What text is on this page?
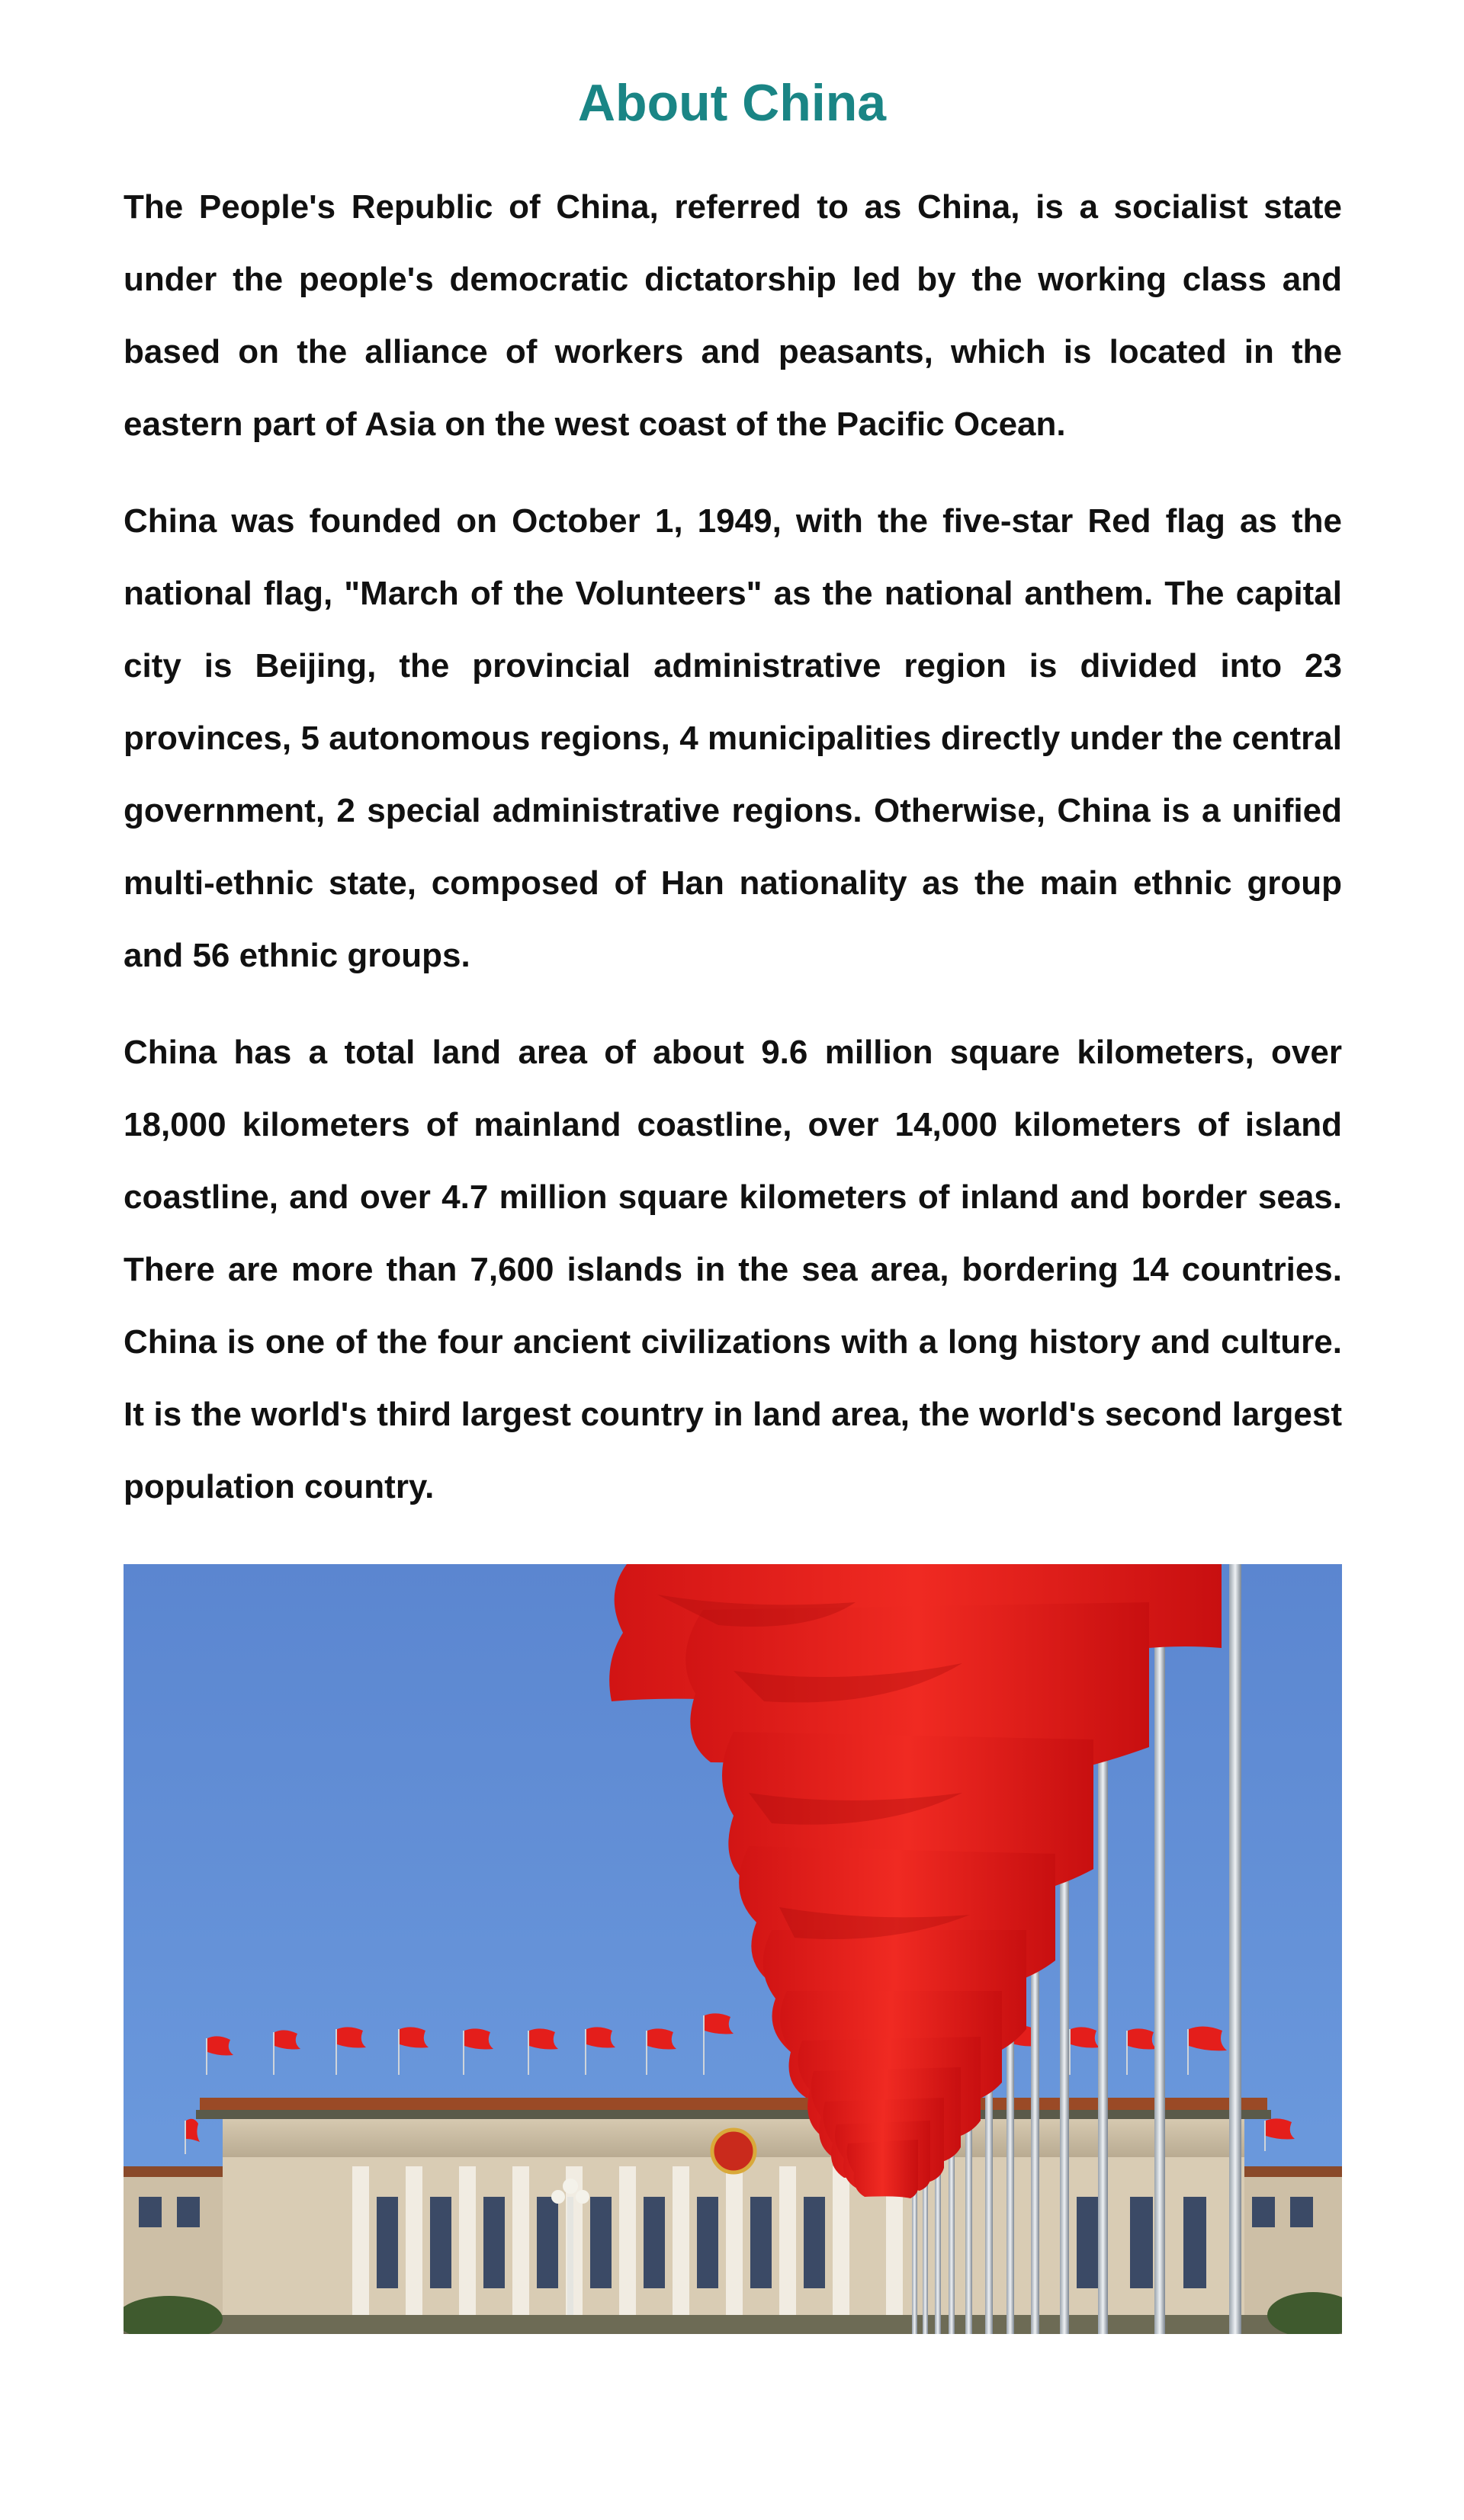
About China

The People's Republic of China, referred to as China, is a socialist state under the people's democratic dictatorship led by the working class and based on the alliance of workers and peasants, which is located in the eastern part of Asia on the west coast of the Pacific Ocean.

China was founded on October 1, 1949, with the five-star Red flag as the national flag, "March of the Volunteers" as the national anthem. The capital city is Beijing, the provincial administrative region is divided into 23 provinces, 5 autonomous regions, 4 municipalities directly under the central government, 2 special administrative regions. Otherwise, China is a unified multi-ethnic state, composed of Han nationality as the main ethnic group and 56 ethnic groups.

China has a total land area of about 9.6 million square kilometers, over 18,000 kilometers of mainland coastline, over 14,000 kilometers of island coastline, and over 4.7 million square kilometers of inland and border seas. There are more than 7,600 islands in the sea area, bordering 14 countries. China is one of the four ancient civilizations with a long history and culture. It is the world's third largest country in land area, the world's second largest population country.
